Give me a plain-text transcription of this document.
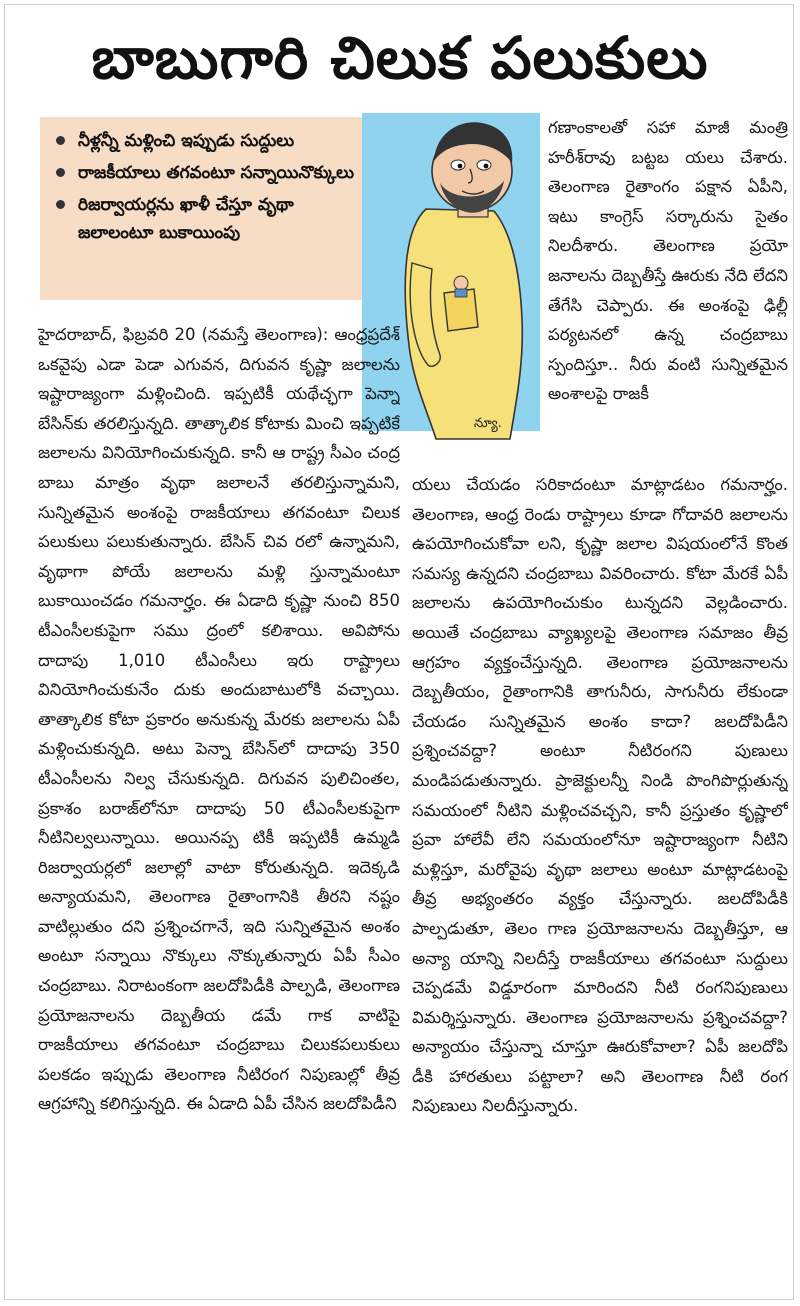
బాబుగారి చిలుక పలుకులు
నీళ్లన్నీ మళ్లించి ఇప్పుడు సుద్దులు
రాజకీయాలు తగవంటూ సన్నాయినొక్కులు
రిజర్వాయర్లను ఖాళీ చేస్తూ వృథా జలాలంటూ బుకాయింపు
న్యూ.
హైదరాబాద్, ఫిబ్రవరి 20 (నమస్తే తెలంగాణ): ఆంధ్రప్రదేశ్ ఒకవైపు ఎడా పెడా ఎగువన, దిగువన కృష్ణా జలాలను ఇష్టారాజ్యంగా మళ్లించింది. ఇప్పటికీ యథేచ్ఛగా పెన్నా బేసిన్‌కు తరలిస్తున్నది. తాత్కాలిక కోటాకు మించి ఇప్పటికే జలాలను వినియోగించుకున్నది. కానీ ఆ రాష్ట్ర సీఎం చంద్ర బాబు మాత్రం వృథా జలాలనే తరలిస్తున్నామని, సున్నితమైన అంశంపై రాజకీయాలు తగవంటూ చిలుక పలుకులు పలుకుతున్నారు. బేసిన్ చివ రలో ఉన్నామని, వృథాగా పోయే జలాలను మళ్లి స్తున్నామంటూ బుకాయించడం గమనార్హం. ఈ ఏడాది కృష్ణా నుంచి 850 టీఎంసీలకుపైగా సము ద్రంలో కలిశాయి. అవిపోను దాదాపు 1,010 టీఎంసీలు ఇరు రాష్ట్రాలు వినియోగించుకునేం దుకు అందుబాటులోకి వచ్చాయి. తాత్కాలిక కోటా ప్రకారం అనుకున్న మేరకు జలాలను ఏపీ మళ్లించుకున్నది. అటు పెన్నా బేసిన్‌లో దాదాపు 350 టీఎంసీలను నిల్వ చేసుకున్నది. దిగువన పులిచింతల, ప్రకాశం బరాజ్‌లోనూ దాదాపు 50 టీఎంసీలకుపైగా నీటినిల్వలున్నాయి. అయినప్ప టికీ ఇప్పటికీ ఉమ్మడి రిజర్వాయర్లలో జలాల్లో వాటా కోరుతున్నది. ఇదెక్కడి అన్యాయమని, తెలంగాణ రైతాంగానికి తీరని నష్టం వాటిల్లుతుం దని ప్రశ్నించగానే, ఇది సున్నితమైన అంశం అంటూ సన్నాయి నొక్కులు నొక్కుతున్నారు ఏపీ సీఎం చంద్రబాబు. నిరాటంకంగా జలదోపిడీకి పాల్పడి, తెలంగాణ ప్రయోజనాలను దెబ్బతీయ డమే గాక వాటిపై రాజకీయాలు తగవంటూ చంద్రబాబు చిలుకపలుకులు పలకడం ఇప్పుడు తెలంగాణ నీటిరంగ నిపుణుల్లో తీవ్ర ఆగ్రహాన్ని కలిగిస్తున్నది. ఈ ఏడాది ఏపీ చేసిన జలదోపిడీని
గణాంకాలతో సహా మాజీ మంత్రి హరీశ్‌రావు బట్టబ యలు చేశారు. తెలంగాణ రైతాంగం పక్షాన ఏపీని, ఇటు కాంగ్రెస్ సర్కారును సైతం నిలదీశారు. తెలంగాణ ప్రయో జనాలను దెబ్బతీస్తే ఊరుకు నేది లేదని తేగేసి చెప్పారు. ఈ అంశంపై ఢిల్లీ పర్యటనలో ఉన్న చంద్రబాబు స్పందిస్తూ.. నీరు వంటి సున్నితమైన అంశాలపై రాజకీ
యలు చేయడం సరికాదంటూ మాట్లాడటం గమనార్హం. తెలంగాణ, ఆంధ్ర రెండు రాష్ట్రాలు కూడా గోదావరి జలాలను ఉపయోగించుకోవా లని, కృష్ణా జలాల విషయంలోనే కొంత సమస్య ఉన్నదని చంద్రబాబు వివరించారు. కోటా మేరకే ఏపీ జలాలను ఉపయోగించుకుం టున్నదని వెల్లడించారు. అయితే చంద్రబాబు వ్యాఖ్యలపై తెలంగాణ సమాజం తీవ్ర ఆగ్రహం వ్యక్తంచేస్తున్నది. తెలంగాణ ప్రయోజనాలను దెబ్బతీయం, రైతాంగానికి తాగునీరు, సాగునీరు లేకుండా చేయడం సున్నితమైన అంశం కాదా? జలదోపిడీని ప్రశ్నించవద్దా? అంటూ నీటిరంగని పుణులు మండిపడుతున్నారు. ప్రాజెక్టులన్నీ నిండి పొంగిపొర్లుతున్న సమయంలో నీటిని మళ్లించవచ్చని, కానీ ప్రస్తుతం కృష్ణాలో ప్రవా హాలేవీ లేని సమయంలోనూ ఇష్టారాజ్యంగా నీటిని మళ్లిస్తూ, మరోవైపు వృథా జలాలు అంటూ మాట్లాడటంపై తీవ్ర అభ్యంతరం వ్యక్తం చేస్తున్నారు. జలదోపిడీకి పాల్పడుతూ, తెలం గాణ ప్రయోజనాలను దెబ్బతీస్తూ, ఆ అన్యా యాన్ని నిలదీస్తే రాజకీయాలు తగవంటూ సుద్దులు చెప్పడమే విడ్డూరంగా మారిందని నీటి రంగనిపుణులు విమర్శిస్తున్నారు. తెలంగాణ ప్రయోజనాలను ప్రశ్నించవద్దా? అన్యాయం చేస్తున్నా చూస్తూ ఊరుకోవాలా? ఏపీ జలదోపి డీకి హారతులు పట్టాలా? అని తెలంగాణ నీటి రంగ నిపుణులు నిలదీస్తున్నారు.
